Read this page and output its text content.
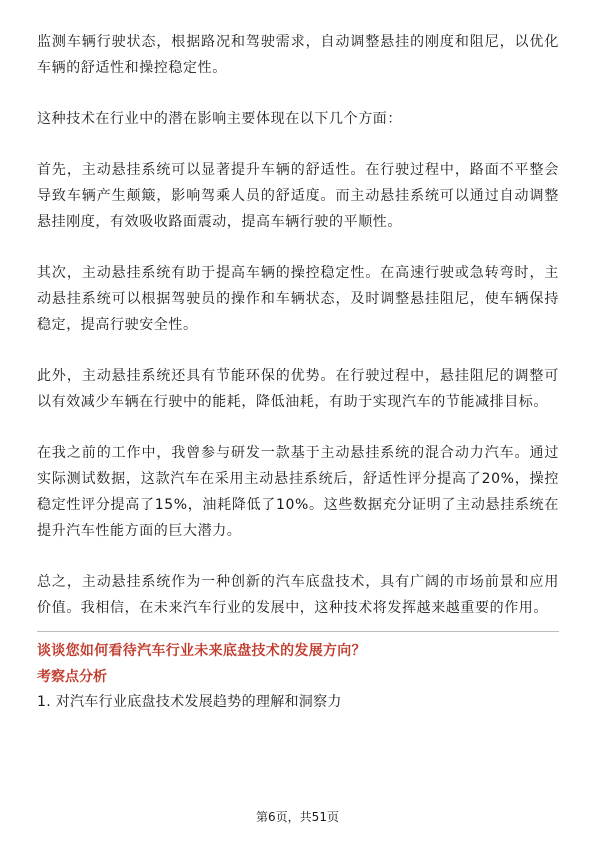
监测车辆行驶状态，根据路况和驾驶需求，自动调整悬挂的刚度和阻尼，以优化车辆的舒适性和操控稳定性。

这种技术在行业中的潜在影响主要体现在以下几个方面：

首先，主动悬挂系统可以显著提升车辆的舒适性。在行驶过程中，路面不平整会导致车辆产生颠簸，影响驾乘人员的舒适度。而主动悬挂系统可以通过自动调整悬挂刚度，有效吸收路面震动，提高车辆行驶的平顺性。

其次，主动悬挂系统有助于提高车辆的操控稳定性。在高速行驶或急转弯时，主动悬挂系统可以根据驾驶员的操作和车辆状态，及时调整悬挂阻尼，使车辆保持稳定，提高行驶安全性。

此外，主动悬挂系统还具有节能环保的优势。在行驶过程中，悬挂阻尼的调整可以有效减少车辆在行驶中的能耗，降低油耗，有助于实现汽车的节能减排目标。

在我之前的工作中，我曾参与研发一款基于主动悬挂系统的混合动力汽车。通过实际测试数据，这款汽车在采用主动悬挂系统后，舒适性评分提高了20%，操控稳定性评分提高了15%，油耗降低了10%。这些数据充分证明了主动悬挂系统在提升汽车性能方面的巨大潜力。

总之，主动悬挂系统作为一种创新的汽车底盘技术，具有广阔的市场前景和应用价值。我相信，在未来汽车行业的发展中，这种技术将发挥越来越重要的作用。

谈谈您如何看待汽车行业未来底盘技术的发展方向？
考察点分析
1. 对汽车行业底盘技术发展趋势的理解和洞察力
第6页，共51页
